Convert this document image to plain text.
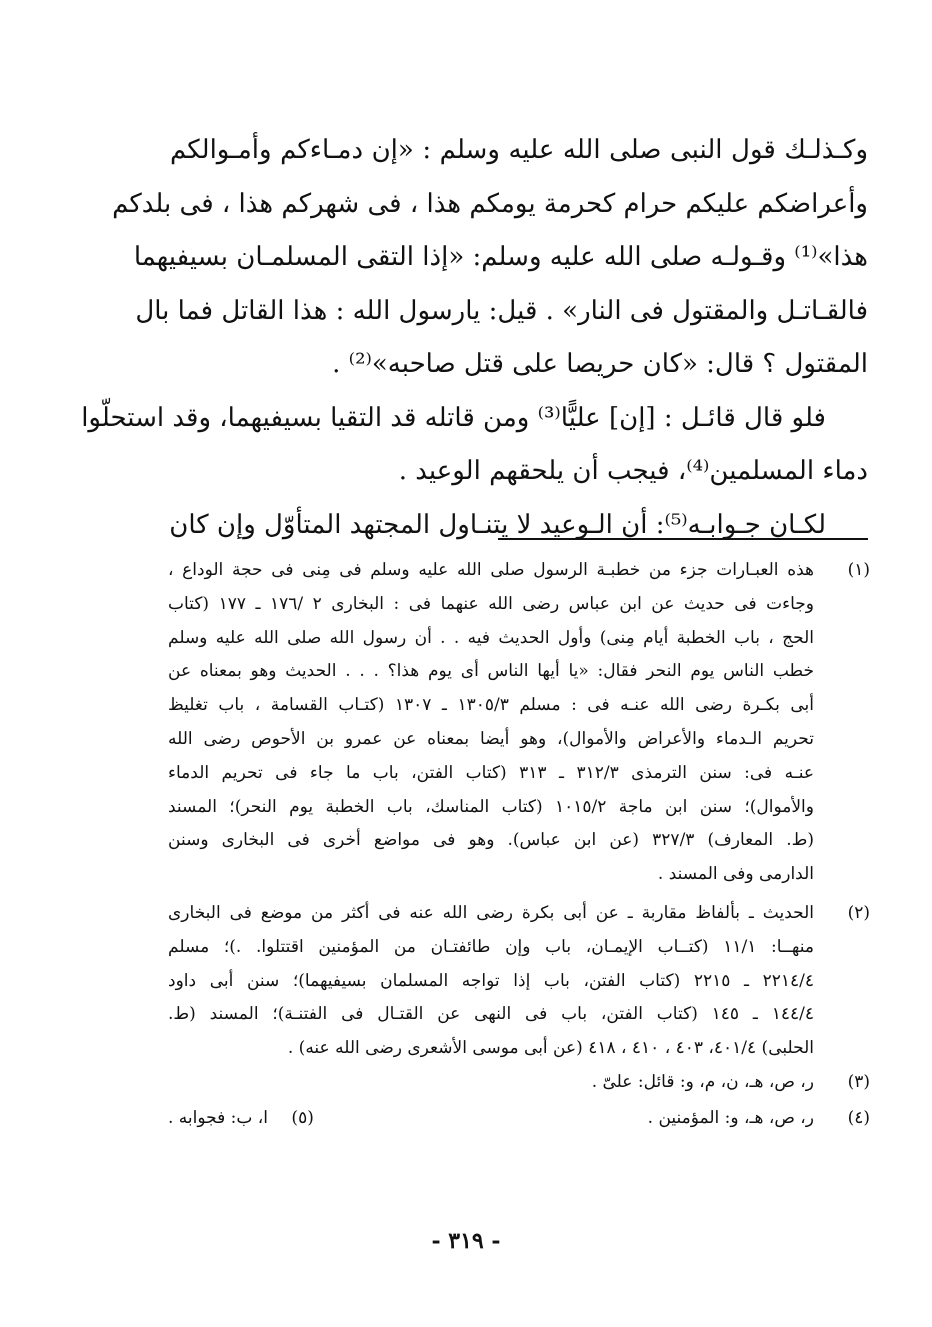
وكـذلـك قول النبى صلى الله عليه وسلم : «إن دمـاءكم وأمـوالكم
وأعراضكم عليكم حرام كحرمة يومكم هذا ، فى شهركم هذا ، فى بلدكم
هذا»⁽¹⁾ وقـولـه صلى الله عليه وسلم: «إذا التقى المسلمـان بسيفيهما
فالقـاتـل والمقتول فى النار» . قيل: يارسول الله : هذا القاتل فما بال
المقتول ؟ قال: «كان حريصا على قتل صاحبه»⁽²⁾ .
فلو قال قائـل : [إن] عليًّا⁽³⁾ ومن قاتله قد التقيا بسيفيهما، وقد استحلّوا
دماء المسلمين⁽⁴⁾، فيجب أن يلحقهم الوعيد .
لكـان جـوابـه⁽⁵⁾: أن الـوعيد لا يتنـاول المجتهد المتأوّل وإن كان
(١)
هذه العبـارات جزء من خطبـة الرسول صلى الله عليه وسلم فى مِنى فى حجة الوداع ،
وجاءت فى حديث عن ابن عباس رضى الله عنهما فى : البخارى ٢ /١٧٦ ـ ١٧٧ (كتاب
الحج ، باب الخطبة أيام مِنى) وأول الحديث فيه . . أن رسول الله صلى الله عليه وسلم
خطب الناس يوم النحر فقال: «يا أيها الناس أى يوم هذا؟ . . . الحديث وهو بمعناه عن
أبى بكـرة رضى الله عنـه فى : مسلم ١٣٠٥/٣ ـ ١٣٠٧ (كتـاب القسامة ، باب تغليظ
تحريم الـدماء والأعراض والأموال)، وهو أيضا بمعناه عن عمرو بن الأحوص رضى الله
عنـه فى: سنن الترمذى ٣١٢/٣ ـ ٣١٣ (كتاب الفتن، باب ما جاء فى تحريم الدماء
والأموال)؛ سنن ابن ماجة ١٠١٥/٢ (كتاب المناسك، باب الخطبة يوم النحر)؛ المسند
(ط. المعارف) ٣٢٧/٣ (عن ابن عباس). وهو فى مواضع أخرى فى البخارى وسنن
الدارمى وفى المسند .
(٢)
الحديث ـ بألفاظ مقاربة ـ عن أبى بكرة رضى الله عنه فى أكثر من موضع فى البخارى
منهــا: ١١/١ (كتــاب الإيمـان، باب وإن طائفتـان من المؤمنين اقتتلوا. .)؛ مسلم
٢٢١٤/٤ ـ ٢٢١٥ (كتاب الفتن، باب إذا تواجه المسلمان بسيفيهما)؛ سنن أبى داود
١٤٤/٤ ـ ١٤٥ (كتاب الفتن، باب فى النهى عن القتـال فى الفتنـة)؛ المسند (ط.
الحلبى) ٤٠١/٤، ٤٠٣ ، ٤١٠ ، ٤١٨ (عن أبى موسى الأشعرى رضى الله عنه) .
(٣)
ر، ص، هـ، ن، م، و: قائل: علىّ .
(٤)
ر، ص، هـ، و: المؤمنين .
(٥) ا، ب: فجوابه .
- ٣١٩ -
